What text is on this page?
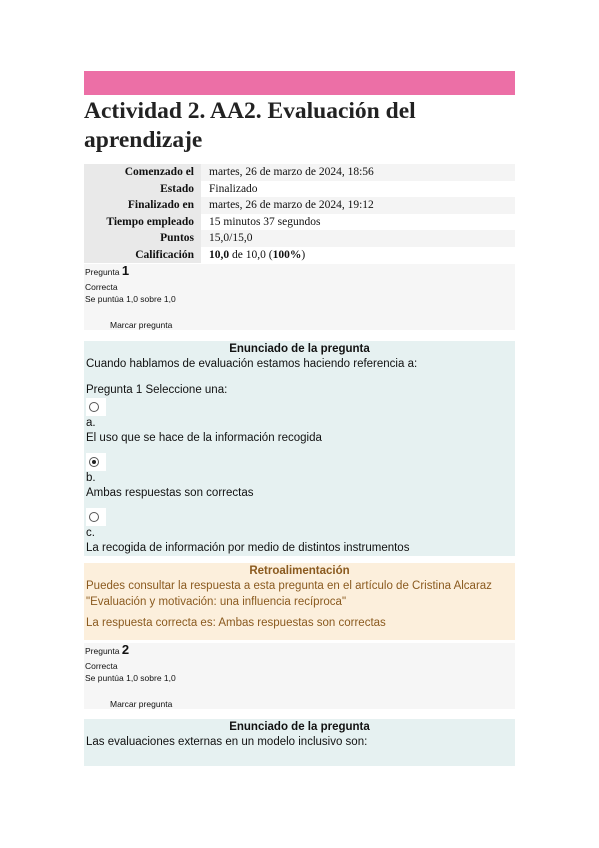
Actividad 2. AA2. Evaluación del aprendizaje
Comenzado el	martes, 26 de marzo de 2024, 18:56
Estado	Finalizado
Finalizado en	martes, 26 de marzo de 2024, 19:12
Tiempo empleado	15 minutos 37 segundos
Puntos	15,0/15,0
Calificación	10,0 de 10,0 (100%)
Pregunta 1
Correcta
Se puntúa 1,0 sobre 1,0
Marcar pregunta
Enunciado de la pregunta
Cuando hablamos de evaluación estamos haciendo referencia a:
Pregunta 1 Seleccione una:
a.
El uso que se hace de la información recogida
b.
Ambas respuestas son correctas
c.
La recogida de información por medio de distintos instrumentos
Retroalimentación
Puedes consultar la respuesta a esta pregunta en el artículo de Cristina Alcaraz
"Evaluación y motivación: una influencia recíproca"
La respuesta correcta es: Ambas respuestas son correctas
Pregunta 2
Correcta
Se puntúa 1,0 sobre 1,0
Marcar pregunta
Enunciado de la pregunta
Las evaluaciones externas en un modelo inclusivo son:
